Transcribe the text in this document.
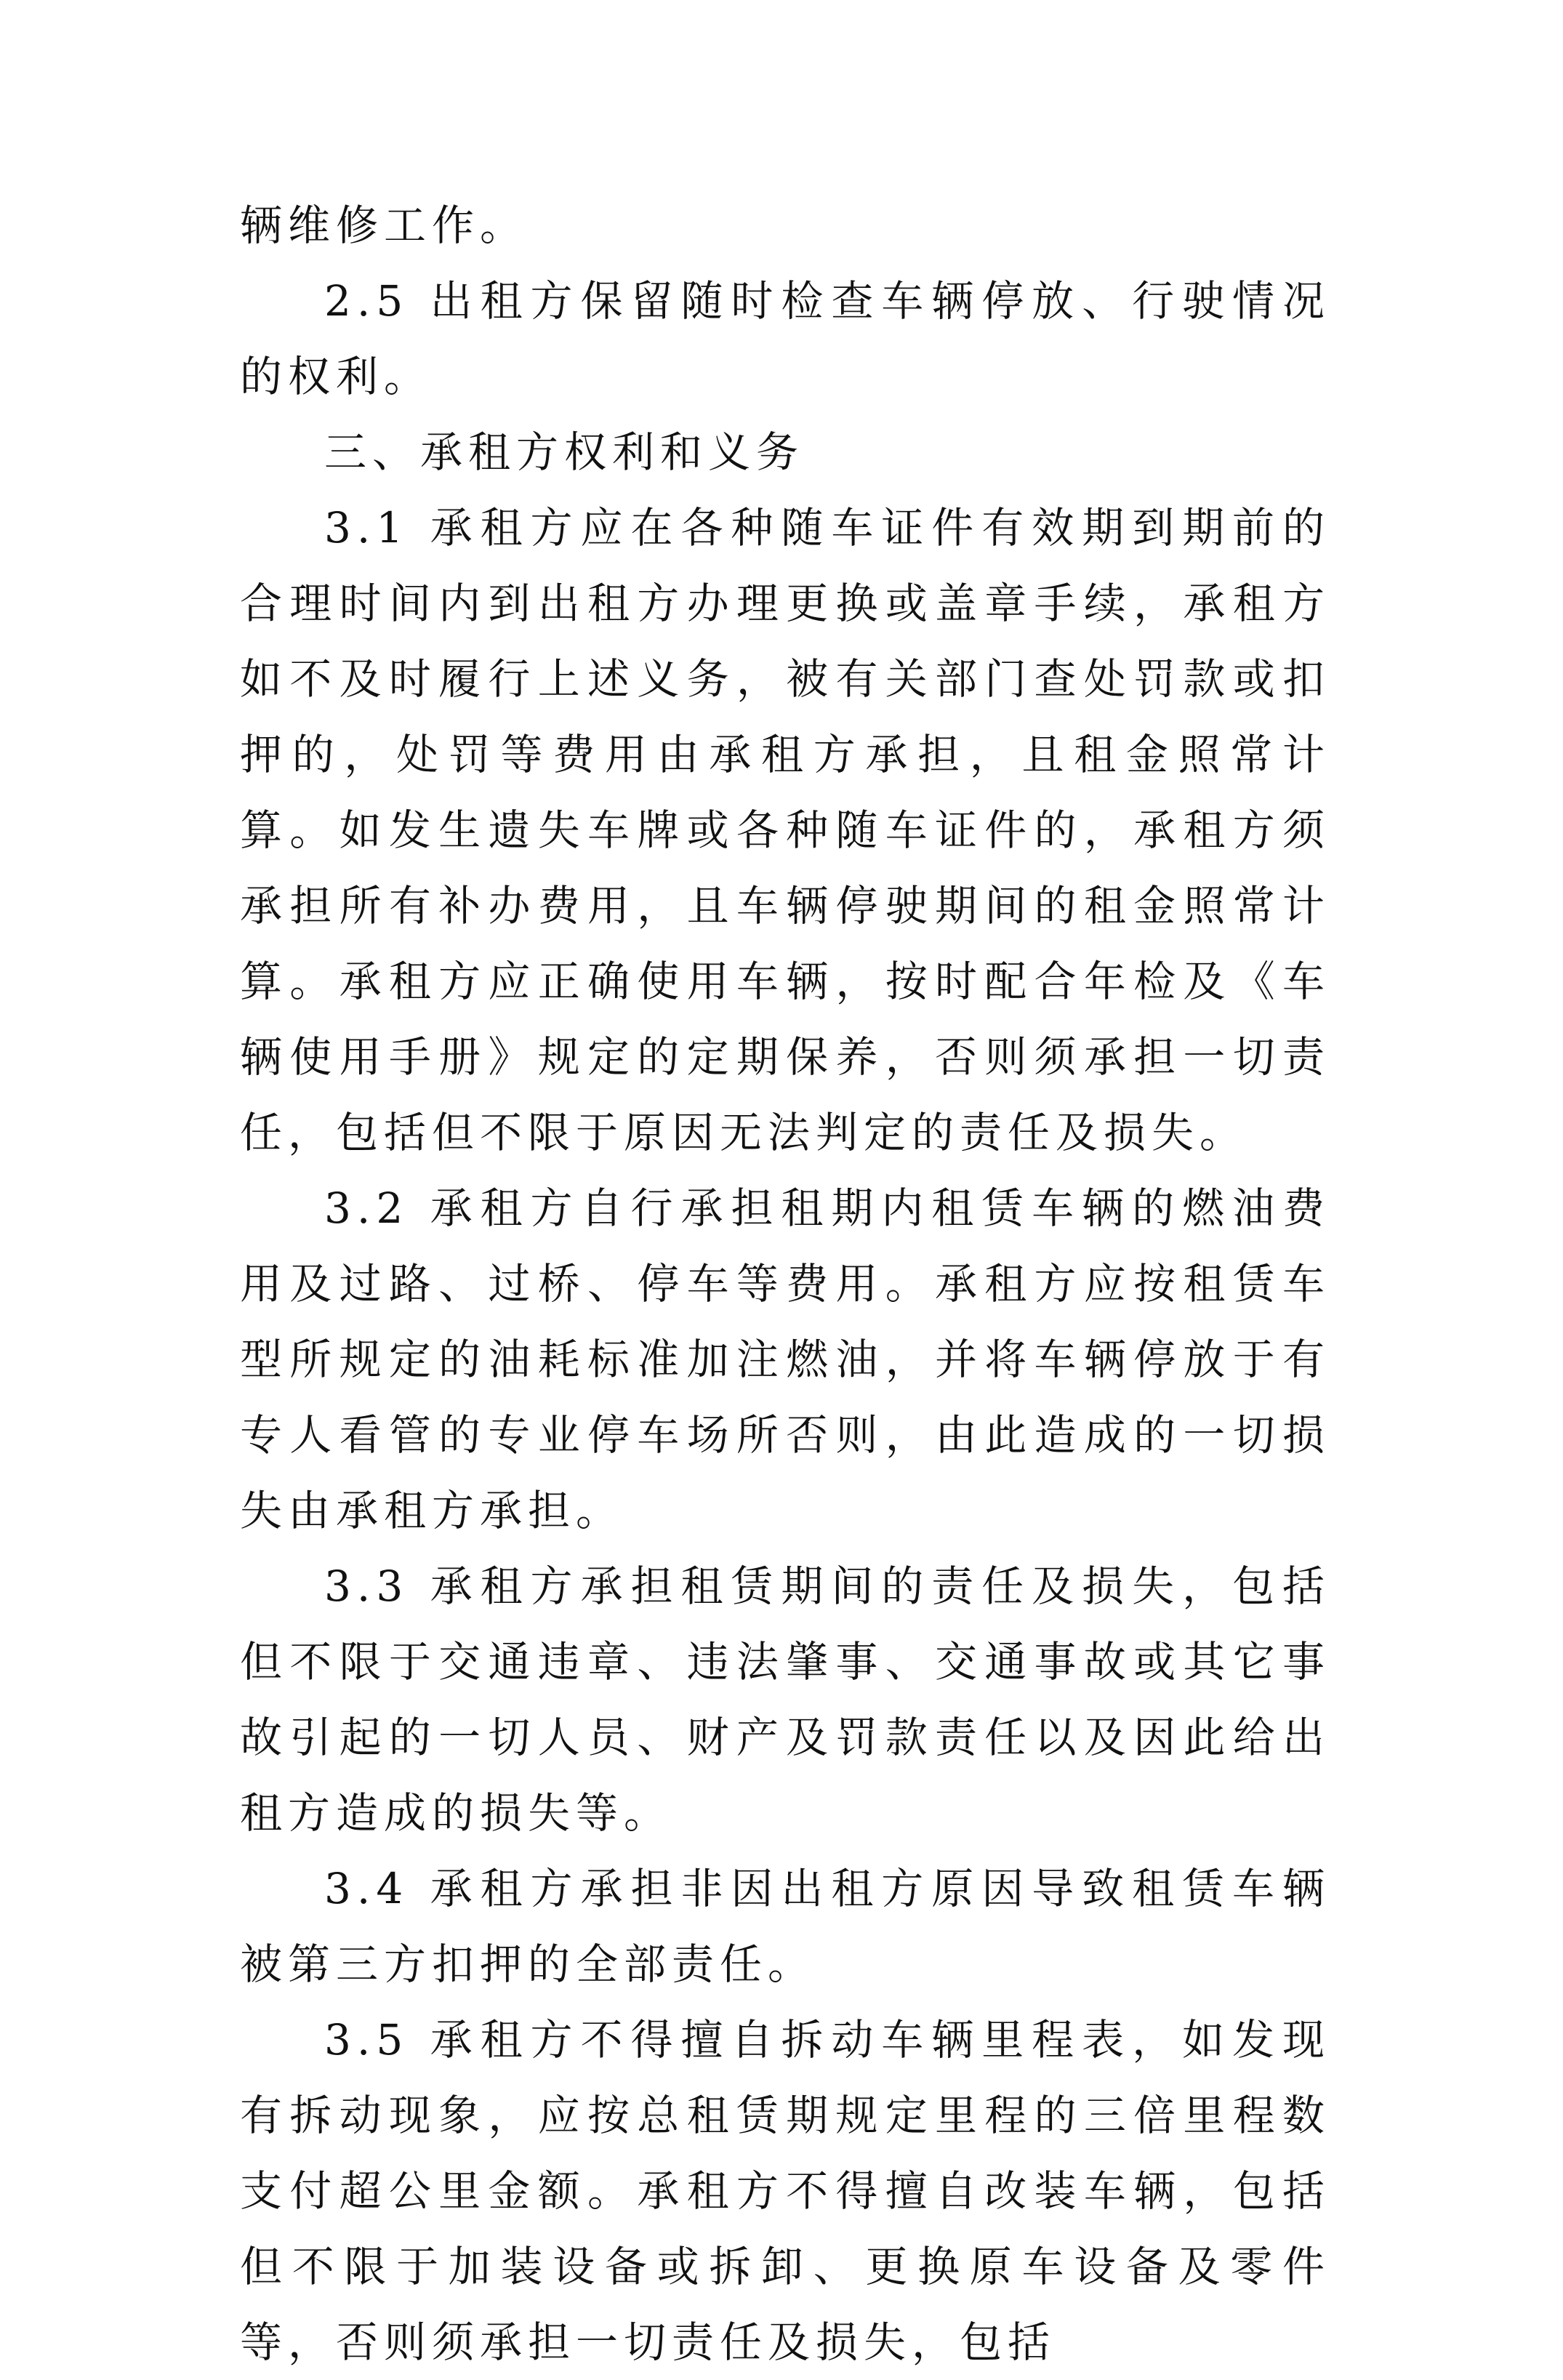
辆维修工作。

2.5 出租方保留随时检查车辆停放、行驶情况的权利。

三、承租方权利和义务

3.1 承租方应在各种随车证件有效期到期前的合理时间内到出租方办理更换或盖章手续，承租方如不及时履行上述义务，被有关部门查处罚款或扣押的，处罚等费用由承租方承担，且租金照常计算。如发生遗失车牌或各种随车证件的，承租方须承担所有补办费用，且车辆停驶期间的租金照常计算。承租方应正确使用车辆，按时配合年检及《车辆使用手册》规定的定期保养，否则须承担一切责任，包括但不限于原因无法判定的责任及损失。

3.2 承租方自行承担租期内租赁车辆的燃油费用及过路、过桥、停车等费用。承租方应按租赁车型所规定的油耗标准加注燃油，并将车辆停放于有专人看管的专业停车场所否则，由此造成的一切损失由承租方承担。

3.3 承租方承担租赁期间的责任及损失，包括但不限于交通违章、违法肇事、交通事故或其它事故引起的一切人员、财产及罚款责任以及因此给出租方造成的损失等。

3.4 承租方承担非因出租方原因导致租赁车辆被第三方扣押的全部责任。

3.5 承租方不得擅自拆动车辆里程表，如发现有拆动现象，应按总租赁期规定里程的三倍里程数支付超公里金额。承租方不得擅自改装车辆，包括但不限于加装设备或拆卸、更换原车设备及零件等，否则须承担一切责任及损失，包括
